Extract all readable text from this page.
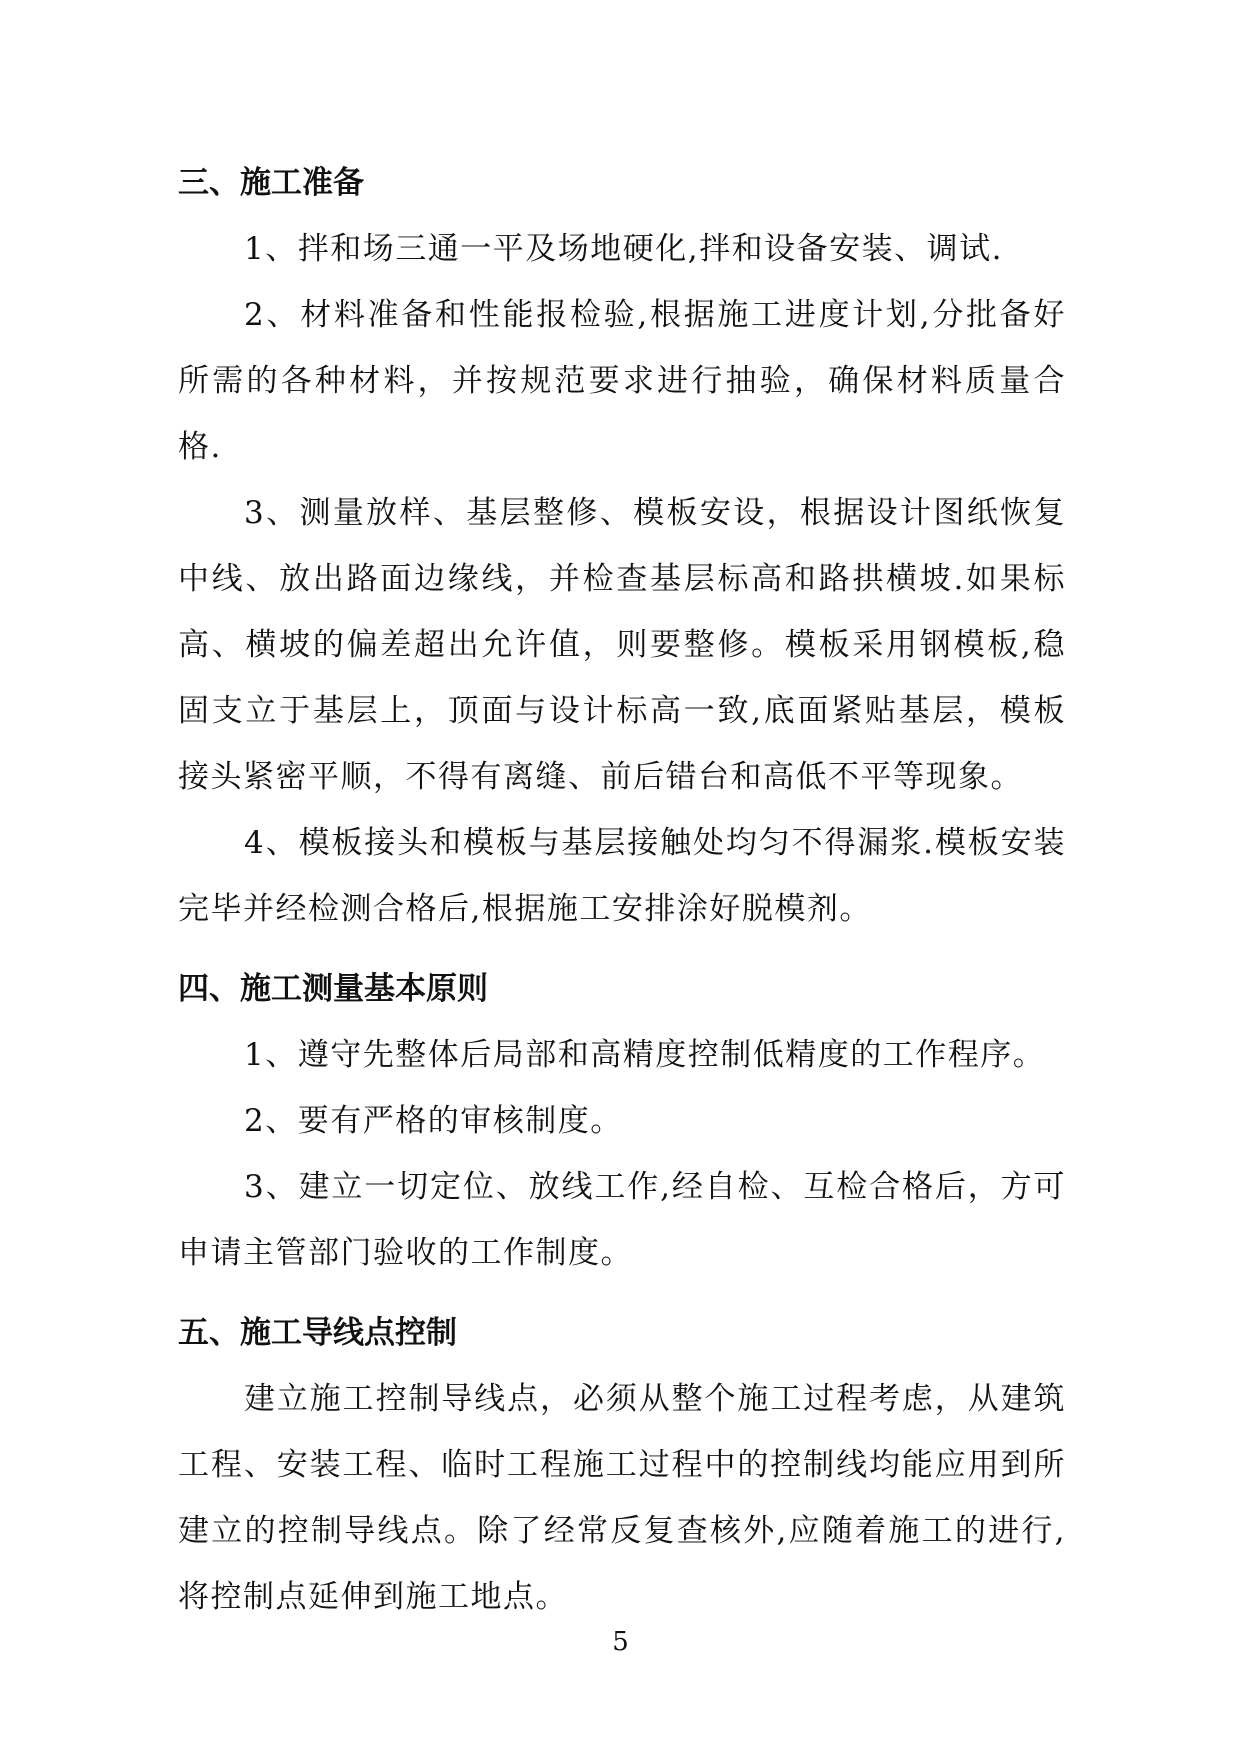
三、施工准备

1、拌和场三通一平及场地硬化,拌和设备安装、调试.

2、材料准备和性能报检验,根据施工进度计划,分批备好所需的各种材料，并按规范要求进行抽验，确保材料质量合格.

3、测量放样、基层整修、模板安设，根据设计图纸恢复中线、放出路面边缘线，并检查基层标高和路拱横坡.如果标高、横坡的偏差超出允许值，则要整修。模板采用钢模板,稳固支立于基层上，顶面与设计标高一致,底面紧贴基层，模板接头紧密平顺，不得有离缝、前后错台和高低不平等现象。

4、模板接头和模板与基层接触处均匀不得漏浆.模板安装完毕并经检测合格后,根据施工安排涂好脱模剂。

四、施工测量基本原则

1、遵守先整体后局部和高精度控制低精度的工作程序。

2、要有严格的审核制度。

3、建立一切定位、放线工作,经自检、互检合格后，方可申请主管部门验收的工作制度。

五、施工导线点控制

建立施工控制导线点，必须从整个施工过程考虑，从建筑工程、安装工程、临时工程施工过程中的控制线均能应用到所建立的控制导线点。除了经常反复查核外,应随着施工的进行,将控制点延伸到施工地点。

5
